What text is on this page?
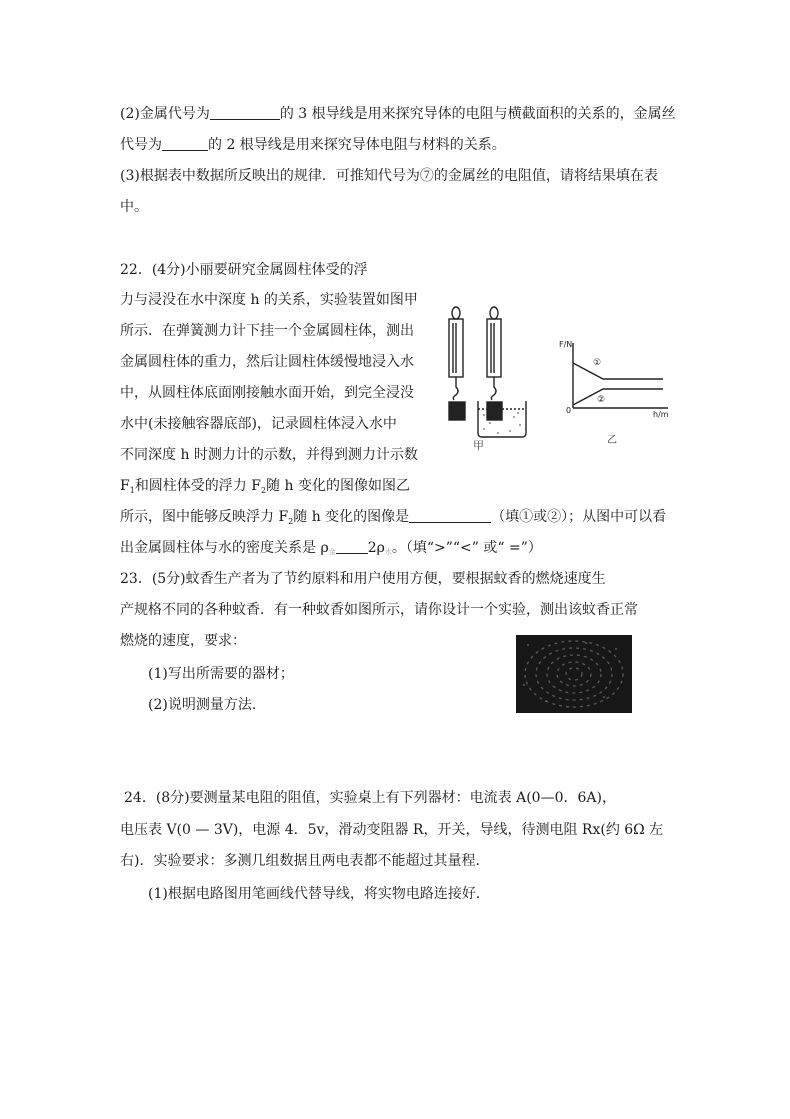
(2)金属代号为	的 3 根导线是用来探究导体的电阻与横截面积的关系的，金属丝
代号为	的 2 根导线是用来探究导体电阻与材料的关系。
(3)根据表中数据所反映出的规律．可推知代号为⑦的金属丝的电阻值，请将结果填在表
中。
22．(4分)小丽要研究金属圆柱体受的浮
力与浸没在水中深度 h 的关系，实验装置如图甲
所示．在弹簧测力计下挂一个金属圆柱体，测出
金属圆柱体的重力，然后让圆柱体缓慢地浸入水
中，从圆柱体底面刚接触水面开始，到完全浸没
水中(未接触容器底部)，记录圆柱体浸入水中
不同深度 h 时测力计的示数，并得到测力计示数
$F_1$和圆柱体受的浮力 $F_2$随 h 变化的图像如图乙
所示，图中能够反映浮力 $F_2$随 h 变化的图像是	（填①或②）；从图中可以看
出金属圆柱体与水的密度关系是 ρ金 2ρ水。（填“>”“<” 或“ =”）
甲
F/N
h/m
0
①
②
乙
23．(5分)蚊香生产者为了节约原料和用户使用方便，要根据蚊香的燃烧速度生
产规格不同的各种蚊香．有一种蚊香如图所示，请你设计一个实验，测出该蚊香正常
燃烧的速度，要求：
(1)写出所需要的器材；
(2)说明测量方法．
24．(8分)要测量某电阻的阻值，实验桌上有下列器材：电流表 A(0—0．6A)，
电压表 V(0 — 3V)，电源 4．5v，滑动变阻器 R，开关，导线，待测电阻 Rx(约 6Ω 左
右)．实验要求：多测几组数据且两电表都不能超过其量程．
(1)根据电路图用笔画线代替导线，将实物电路连接好．
